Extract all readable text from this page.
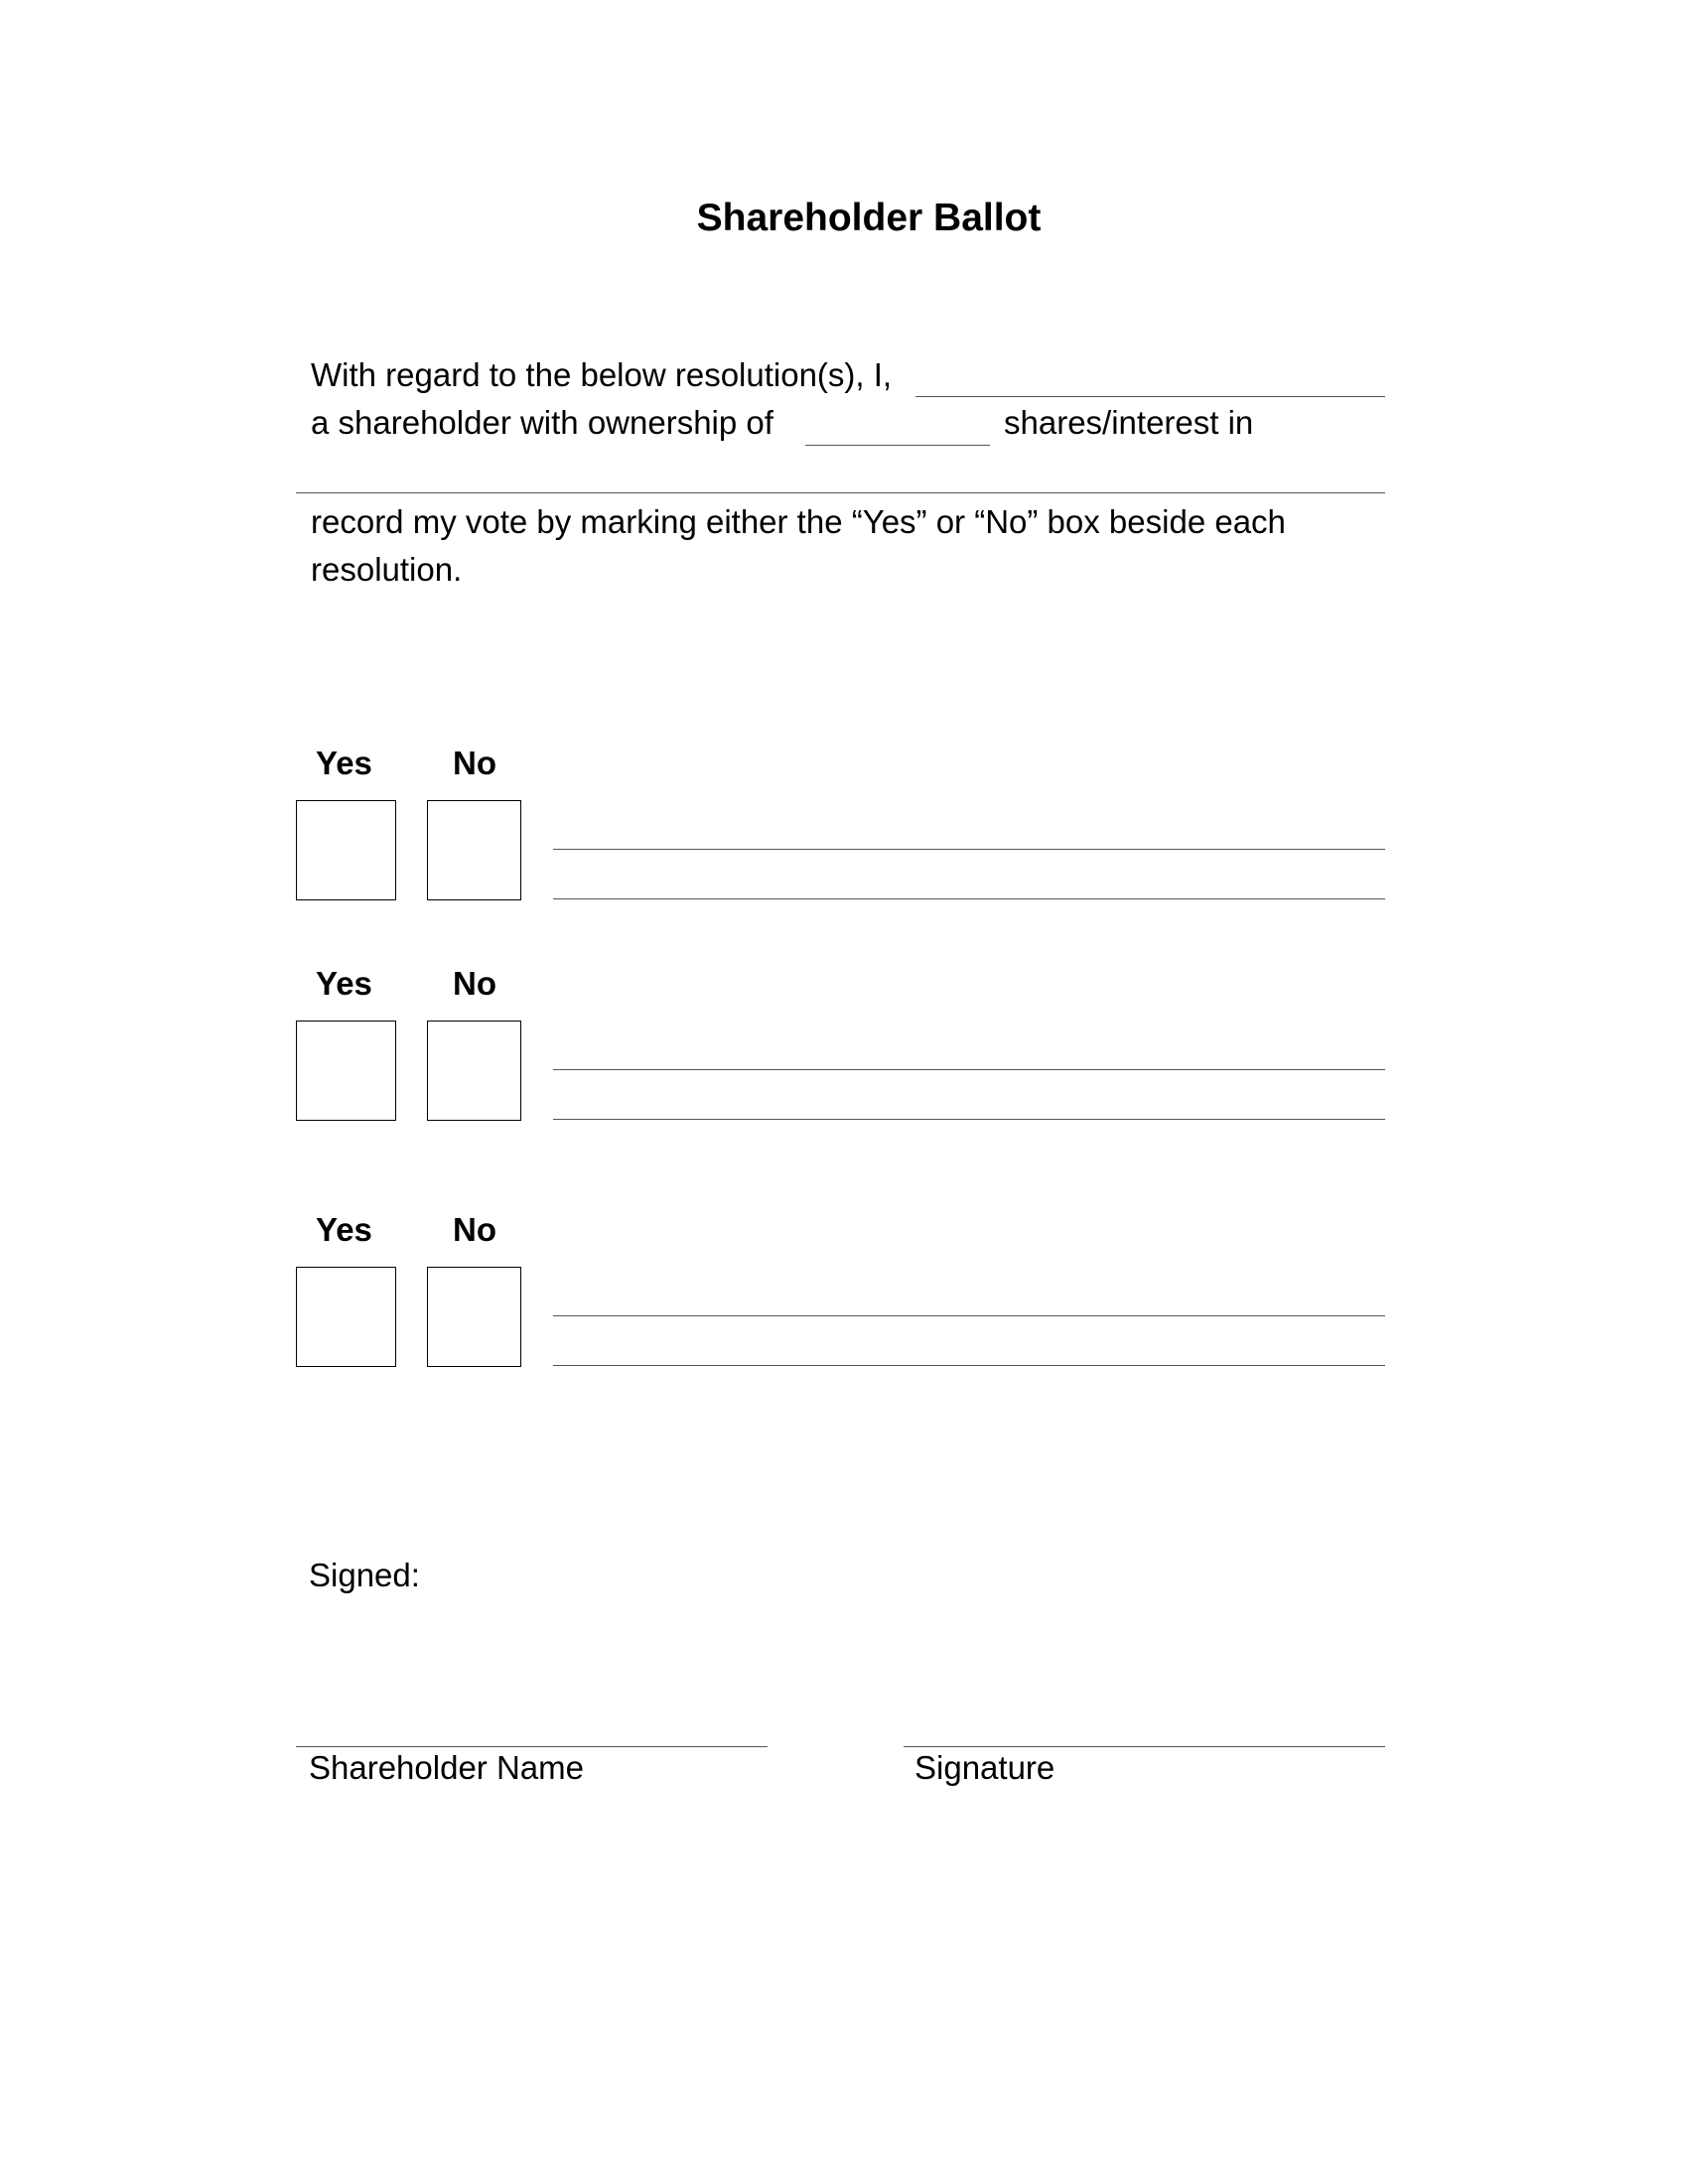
Shareholder Ballot
With regard to the below resolution(s), I,
a shareholder with ownership of	shares/interest in
record my vote by marking either the “Yes” or “No” box beside each
resolution.
Yes No
Yes No
Yes No
Signed:
Shareholder Name	Signature
